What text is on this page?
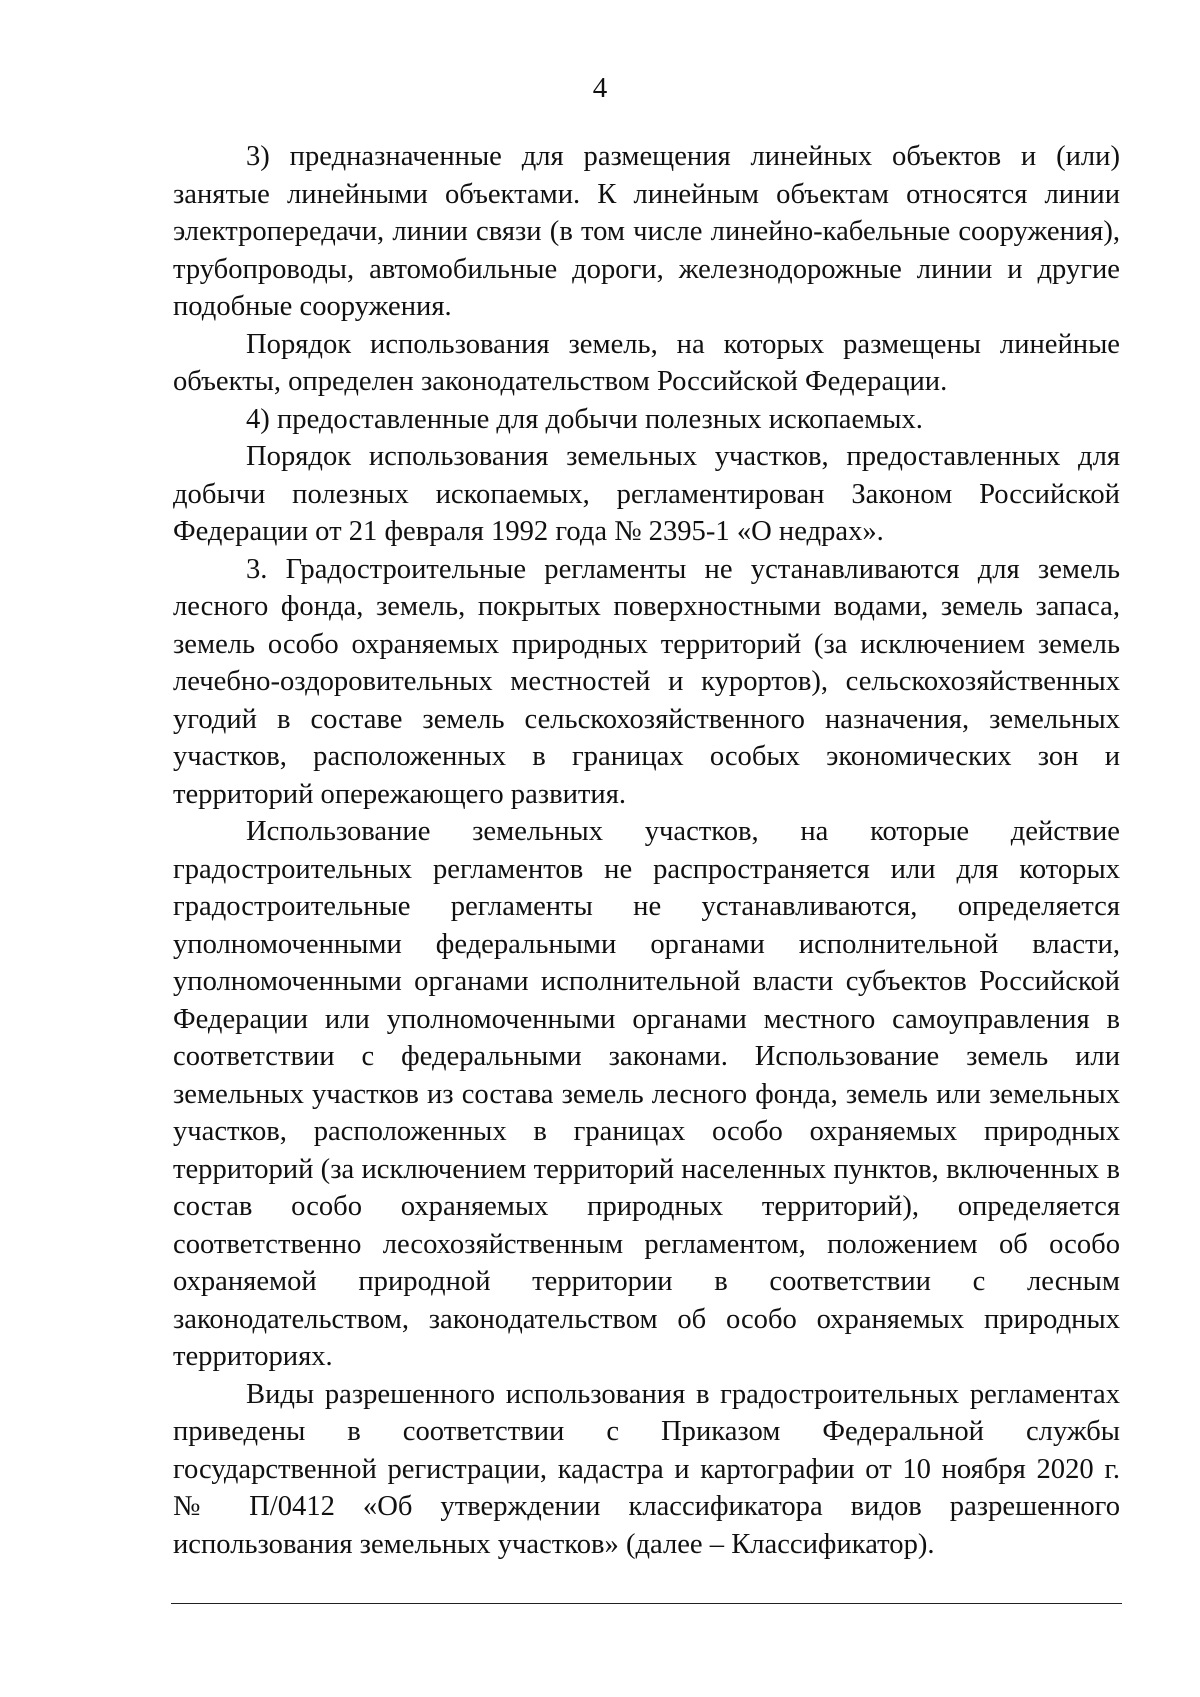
4

3) предназначенные для размещения линейных объектов и (или) занятые линейными объектами. К линейным объектам относятся линии электропередачи, линии связи (в том числе линейно-кабельные сооружения), трубопроводы, автомобильные дороги, железнодорожные линии и другие подобные сооружения.

Порядок использования земель, на которых размещены линейные объекты, определен законодательством Российской Федерации.

4) предоставленные для добычи полезных ископаемых.

Порядок использования земельных участков, предоставленных для добычи полезных ископаемых, регламентирован Законом Российской Федерации от 21 февраля 1992 года № 2395-1 «О недрах».

3. Градостроительные регламенты не устанавливаются для земель лесного фонда, земель, покрытых поверхностными водами, земель запаса, земель особо охраняемых природных территорий (за исключением земель лечебно-оздоровительных местностей и курортов), сельскохозяйственных угодий в составе земель сельскохозяйственного назначения, земельных участков, расположенных в границах особых экономических зон и территорий опережающего развития.

Использование земельных участков, на которые действие градостроительных регламентов не распространяется или для которых градостроительные регламенты не устанавливаются, определяется уполномоченными федеральными органами исполнительной власти, уполномоченными органами исполнительной власти субъектов Российской Федерации или уполномоченными органами местного самоуправления в соответствии с федеральными законами. Использование земель или земельных участков из состава земель лесного фонда, земель или земельных участков, расположенных в границах особо охраняемых природных территорий (за исключением территорий населенных пунктов, включенных в состав особо охраняемых природных территорий), определяется соответственно лесохозяйственным регламентом, положением об особо охраняемой природной территории в соответствии с лесным законодательством, законодательством об особо охраняемых природных территориях.

Виды разрешенного использования в градостроительных регламентах приведены в соответствии с Приказом Федеральной службы государственной регистрации, кадастра и картографии от 10 ноября 2020 г. № П/0412 «Об утверждении классификатора видов разрешенного использования земельных участков» (далее – Классификатор).
